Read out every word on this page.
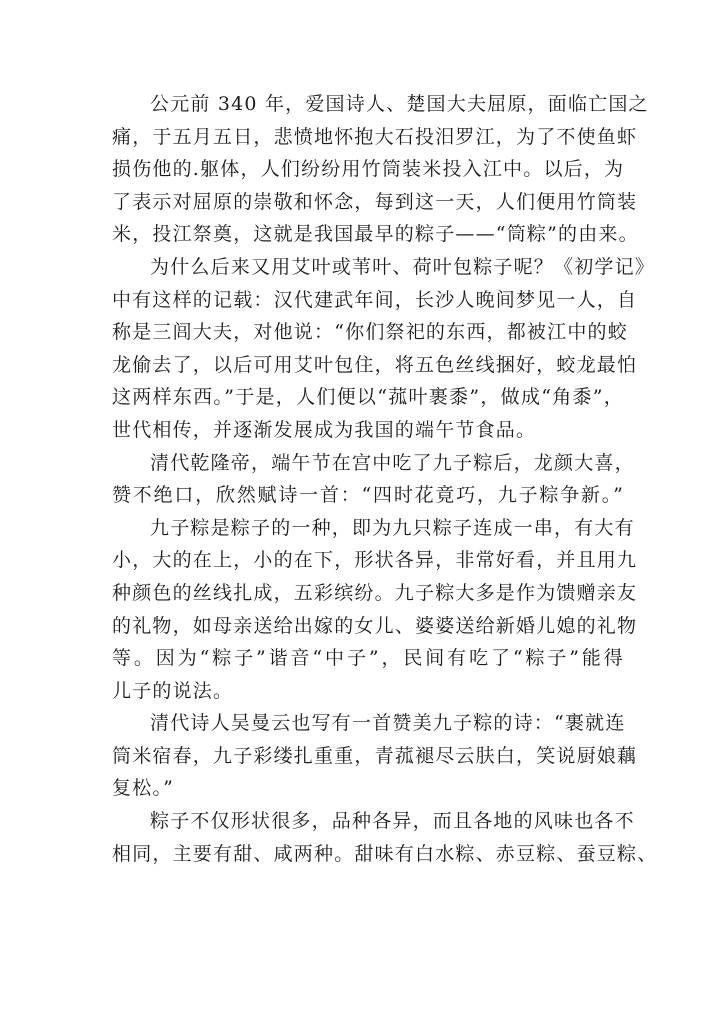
公元前 340 年，爱国诗人、楚国大夫屈原，面临亡国之
痛，于五月五日，悲愤地怀抱大石投汨罗江，为了不使鱼虾
损伤他的.躯体，人们纷纷用竹筒装米投入江中。以后，为
了表示对屈原的崇敬和怀念，每到这一天，人们便用竹筒装
米，投江祭奠，这就是我国最早的粽子——“筒粽”的由来。
为什么后来又用艾叶或苇叶、荷叶包粽子呢？《初学记》
中有这样的记载：汉代建武年间，长沙人晚间梦见一人，自
称是三闾大夫，对他说：“你们祭祀的东西，都被江中的蛟
龙偷去了，以后可用艾叶包住，将五色丝线捆好，蛟龙最怕
这两样东西。”于是，人们便以“菰叶裹黍”，做成“角黍”，
世代相传，并逐渐发展成为我国的端午节食品。
清代乾隆帝，端午节在宫中吃了九子粽后，龙颜大喜，
赞不绝口，欣然赋诗一首：“四时花竟巧，九子粽争新。”
九子粽是粽子的一种，即为九只粽子连成一串，有大有
小，大的在上，小的在下，形状各异，非常好看，并且用九
种颜色的丝线扎成，五彩缤纷。九子粽大多是作为馈赠亲友
的礼物，如母亲送给出嫁的女儿、婆婆送给新婚儿媳的礼物
等。因为“粽子”谐音“中子”，民间有吃了“粽子”能得
儿子的说法。
清代诗人吴曼云也写有一首赞美九子粽的诗：“裹就连
筒米宿春，九子彩缕扎重重，青菰褪尽云肤白，笑说厨娘藕
复松。”
粽子不仅形状很多，品种各异，而且各地的风味也各不
相同，主要有甜、咸两种。甜味有白水粽、赤豆粽、蚕豆粽、
